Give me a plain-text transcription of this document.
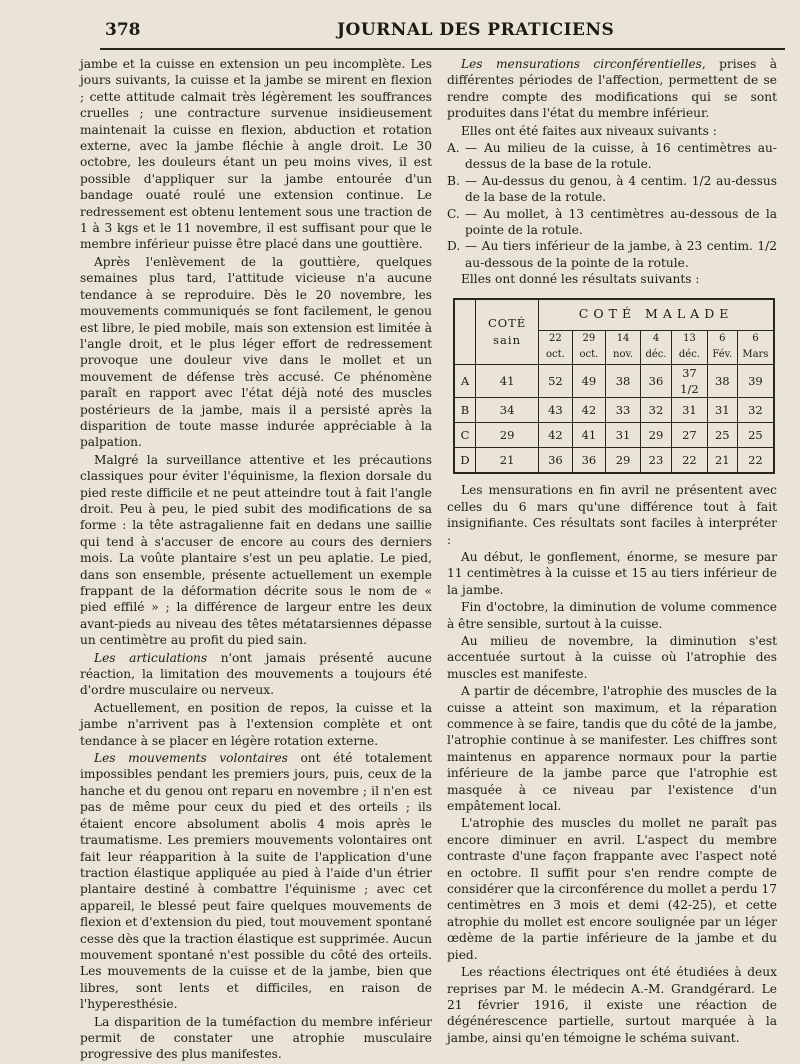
378	JOURNAL DES PRATICIENS

jambe et la cuisse en extension un peu incomplète. Les jours suivants, la cuisse et la jambe se mirent en flexion ; cette attitude calmait très légèrement les souffrances cruelles ; une contracture survenue insidieusement maintenait la cuisse en flexion, abduction et rotation externe, avec la jambe fléchie à angle droit. Le 30 octobre, les douleurs étant un peu moins vives, il est possible d'appliquer sur la jambe entourée d'un bandage ouaté roulé une extension continue. Le redressement est obtenu lentement sous une traction de 1 à 3 kgs et le 11 novembre, il est suffisant pour que le membre inférieur puisse être placé dans une gouttière.

Après l'enlèvement de la gouttière, quelques semaines plus tard, l'attitude vicieuse n'a aucune tendance à se reproduire. Dès le 20 novembre, les mouvements communiqués se font facilement, le genou est libre, le pied mobile, mais son extension est limitée à l'angle droit, et le plus léger effort de redressement provoque une douleur vive dans le mollet et un mouvement de défense très accusé. Ce phénomène paraît en rapport avec l'état déjà noté des muscles postérieurs de la jambe, mais il a persisté après la disparition de toute masse indurée appréciable à la palpation.

Malgré la surveillance attentive et les précautions classiques pour éviter l'équinisme, la flexion dorsale du pied reste difficile et ne peut atteindre tout à fait l'angle droit. Peu à peu, le pied subit des modifications de sa forme : la tête astragalienne fait en dedans une saillie qui tend à s'accuser de encore au cours des derniers mois. La voûte plantaire s'est un peu aplatie. Le pied, dans son ensemble, présente actuellement un exemple frappant de la déformation décrite sous le nom de « pied effilé » ; la différence de largeur entre les deux avant-pieds au niveau des têtes métatarsiennes dépasse un centimètre au profit du pied sain.

Les articulations n'ont jamais présenté aucune réaction, la limitation des mouvements a toujours été d'ordre musculaire ou nerveux.

Actuellement, en position de repos, la cuisse et la jambe n'arrivent pas à l'extension complète et ont tendance à se placer en légère rotation externe.

Les mouvements volontaires ont été totalement impossibles pendant les premiers jours, puis, ceux de la hanche et du genou ont reparu en novembre ; il n'en est pas de même pour ceux du pied et des orteils ; ils étaient encore absolument abolis 4 mois après le traumatisme. Les premiers mouvements volontaires ont fait leur réapparition à la suite de l'application d'une traction élastique appliquée au pied à l'aide d'un étrier plantaire destiné à combattre l'équinisme ; avec cet appareil, le blessé peut faire quelques mouvements de flexion et d'extension du pied, tout mouvement spontané cesse dès que la traction élastique est supprimée. Aucun mouvement spontané n'est possible du côté des orteils. Les mouvements de la cuisse et de la jambe, bien que libres, sont lents et difficiles, en raison de l'hyperesthésie.

La disparition de la tuméfaction du membre inférieur permit de constater une atrophie musculaire progressive des plus manifestes.

Les mensurations circonférentielles, prises à différentes périodes de l'affection, permettent de se rendre compte des modifications qui se sont produites dans l'état du membre inférieur.

Elles ont été faites aux niveaux suivants :

A. — Au milieu de la cuisse, à 16 centimètres au-dessus de la base de la rotule.
B. — Au-dessus du genou, à 4 centim. 1/2 au-dessus de la base de la rotule.
C. — Au mollet, à 13 centimètres au-dessous de la pointe de la rotule.
D. — Au tiers inférieur de la jambe, à 23 centim. 1/2 au-dessous de la pointe de la rotule.

Elles ont donné les résultats suivants :

	COTÉ sain	COTÉ MALADE						
		22 oct.	29 oct.	14 nov.	4 déc.	13 déc.	6 Fév.	6 Mars
A	41	52	49	38	36	37 1/2	38	39
B	34	43	42	33	32	31	31	32
C	29	42	41	31	29	27	25	25
D	21	36	36	29	23	22	21	22

Les mensurations en fin avril ne présentent avec celles du 6 mars qu'une différence tout à fait insignifiante. Ces résultats sont faciles à interpréter :

Au début, le gonflement, énorme, se mesure par 11 centimètres à la cuisse et 15 au tiers inférieur de la jambe.

Fin d'octobre, la diminution de volume commence à être sensible, surtout à la cuisse.

Au milieu de novembre, la diminution s'est accentuée surtout à la cuisse où l'atrophie des muscles est manifeste.

A partir de décembre, l'atrophie des muscles de la cuisse a atteint son maximum, et la réparation commence à se faire, tandis que du côté de la jambe, l'atrophie continue à se manifester. Les chiffres sont maintenus en apparence normaux pour la partie inférieure de la jambe parce que l'atrophie est masquée à ce niveau par l'existence d'un empâtement local.

L'atrophie des muscles du mollet ne paraît pas encore diminuer en avril. L'aspect du membre contraste d'une façon frappante avec l'aspect noté en octobre. Il suffit pour s'en rendre compte de considérer que la circonférence du mollet a perdu 17 centimètres en 3 mois et demi (42-25), et cette atrophie du mollet est encore soulignée par un léger œdème de la partie inférieure de la jambe et du pied.

Les réactions électriques ont été étudiées à deux reprises par M. le médecin A.-M. Grandgérard. Le 21 février 1916, il existe une réaction de dégénérescence partielle, surtout marquée à la jambe, ainsi qu'en témoigne le schéma suivant.
